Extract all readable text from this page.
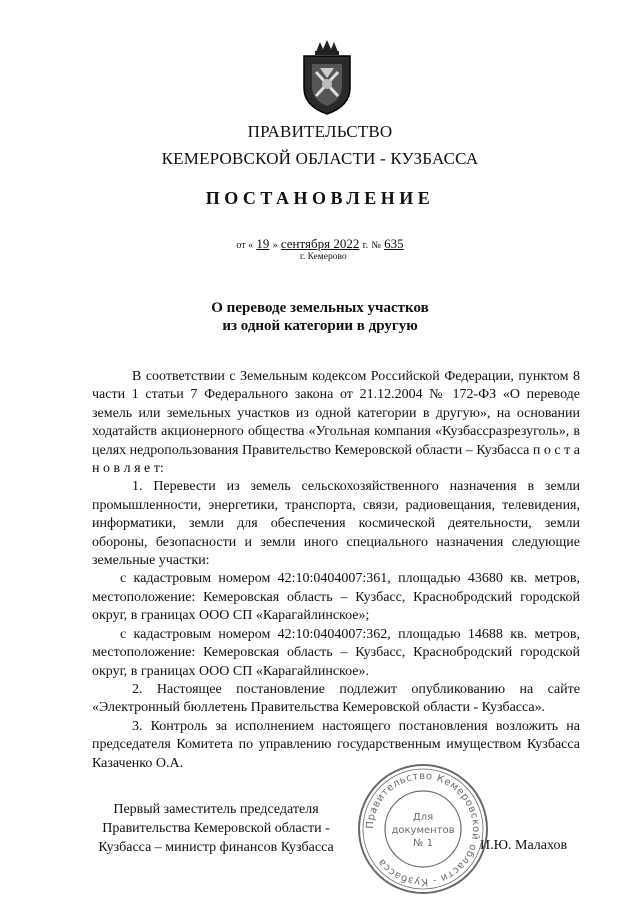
ПРАВИТЕЛЬСТВО
КЕМЕРОВСКОЙ ОБЛАСТИ - КУЗБАССА
ПОСТАНОВЛЕНИЕ
от « 19 » сентября 2022 г. № 635
г. Кемерово
О переводе земельных участков
из одной категории в другую

В соответствии с Земельным кодексом Российской Федерации, пунктом 8 части 1 статьи 7 Федерального закона от 21.12.2004 № 172-ФЗ «О переводе земель или земельных участков из одной категории в другую», на основании ходатайств акционерного общества «Угольная компания «Кузбассразрезуголь», в целях недропользования Правительство Кемеровской области – Кузбасса п о с т а н о в л я е т:

1. Перевести из земель сельскохозяйственного назначения в земли промышленности, энергетики, транспорта, связи, радиовещания, телевидения, информатики, земли для обеспечения космической деятельности, земли обороны, безопасности и земли иного специального назначения следующие земельные участки:

с кадастровым номером 42:10:0404007:361, площадью 43680 кв. метров, местоположение: Кемеровская область – Кузбасс, Краснобродский городской округ, в границах ООО СП «Карагайлинское»;

с кадастровым номером 42:10:0404007:362, площадью 14688 кв. метров, местоположение: Кемеровская область – Кузбасс, Краснобродский городской округ, в границах ООО СП «Карагайлинское».

2. Настоящее постановление подлежит опубликованию на сайте «Электронный бюллетень Правительства Кемеровской области - Кузбасса».

3. Контроль за исполнением настоящего постановления возложить на председателя Комитета по управлению государственным имуществом Кузбасса Казаченко О.А.

Первый заместитель председателя
Правительства Кемеровской области -
Кузбасса – министр финансов Кузбасса	И.Ю. Малахов
Правительство Кемеровской области - Кузбасса
Для
документов
№ 1
